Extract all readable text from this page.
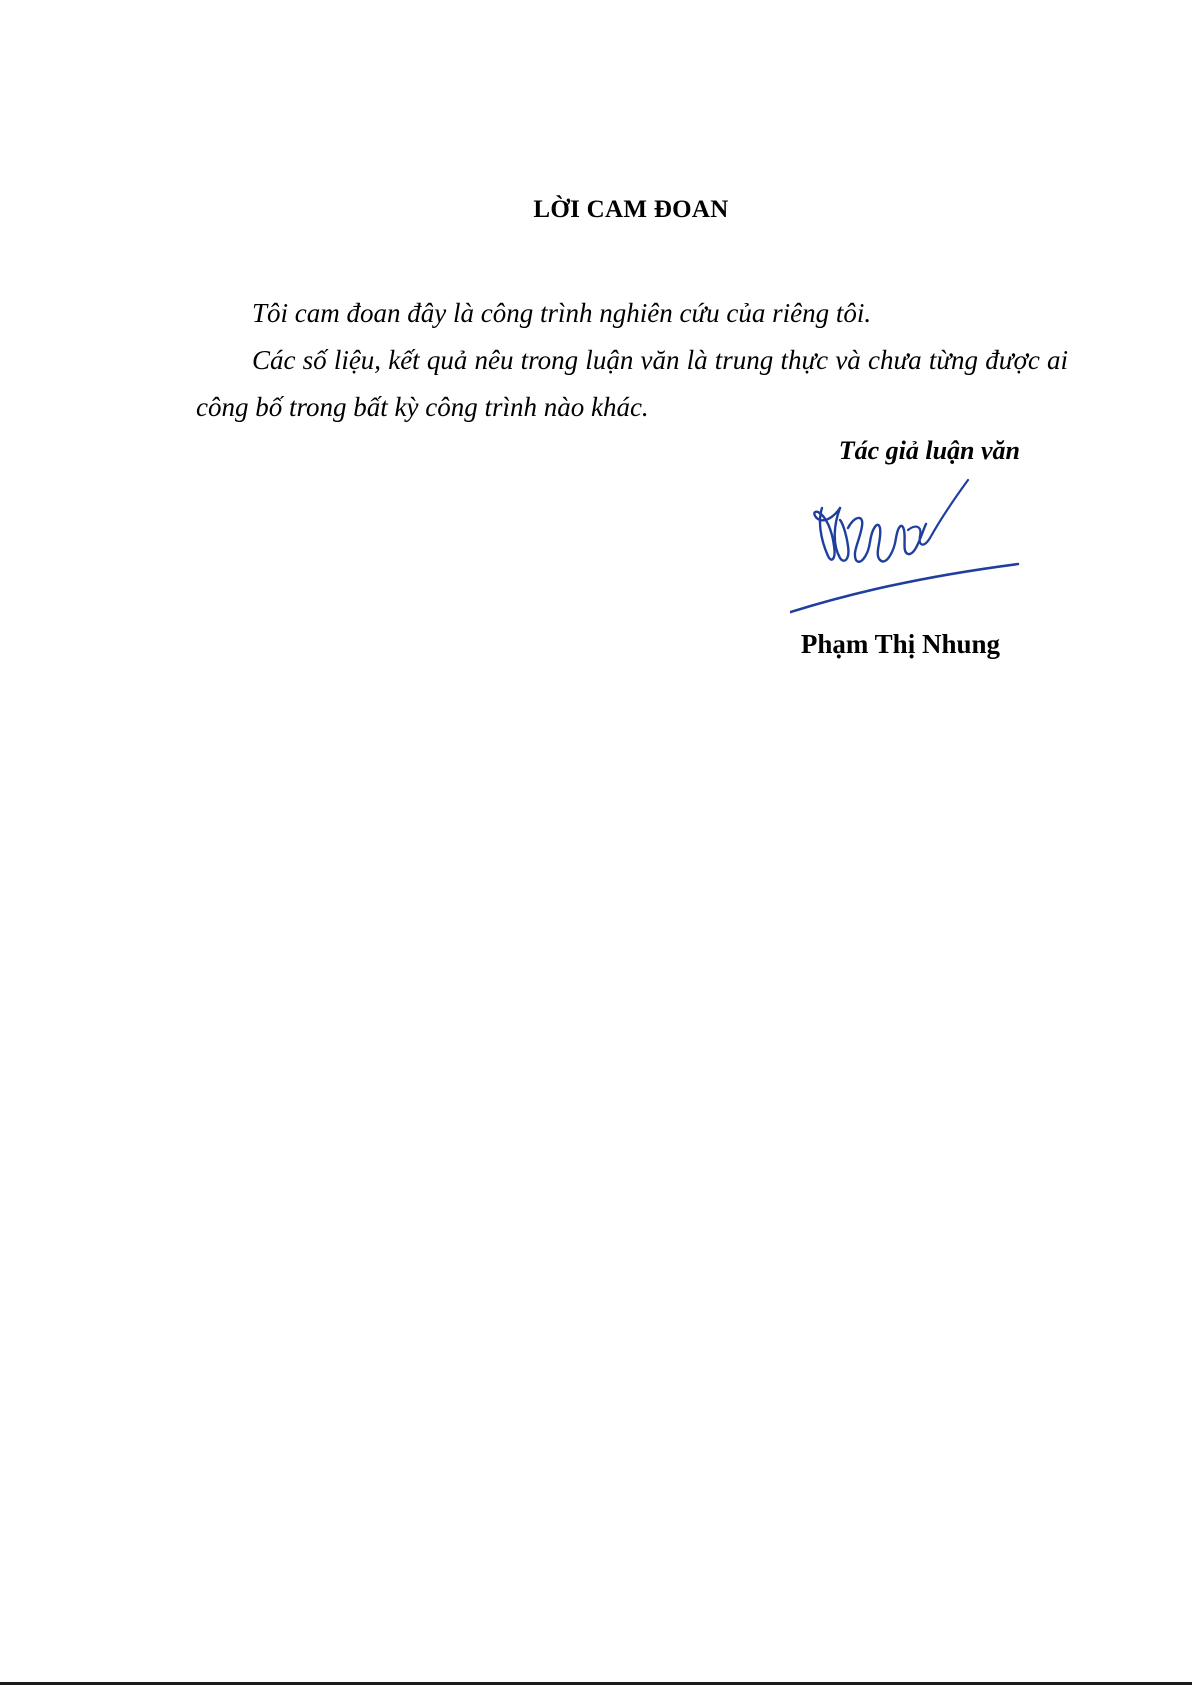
LỜI CAM ĐOAN

Tôi cam đoan đây là công trình nghiên cứu của riêng tôi.

Các số liệu, kết quả nêu trong luận văn là trung thực và chưa từng được ai công bố trong bất kỳ công trình nào khác.

Tác giả luận văn
Phạm Thị Nhung
